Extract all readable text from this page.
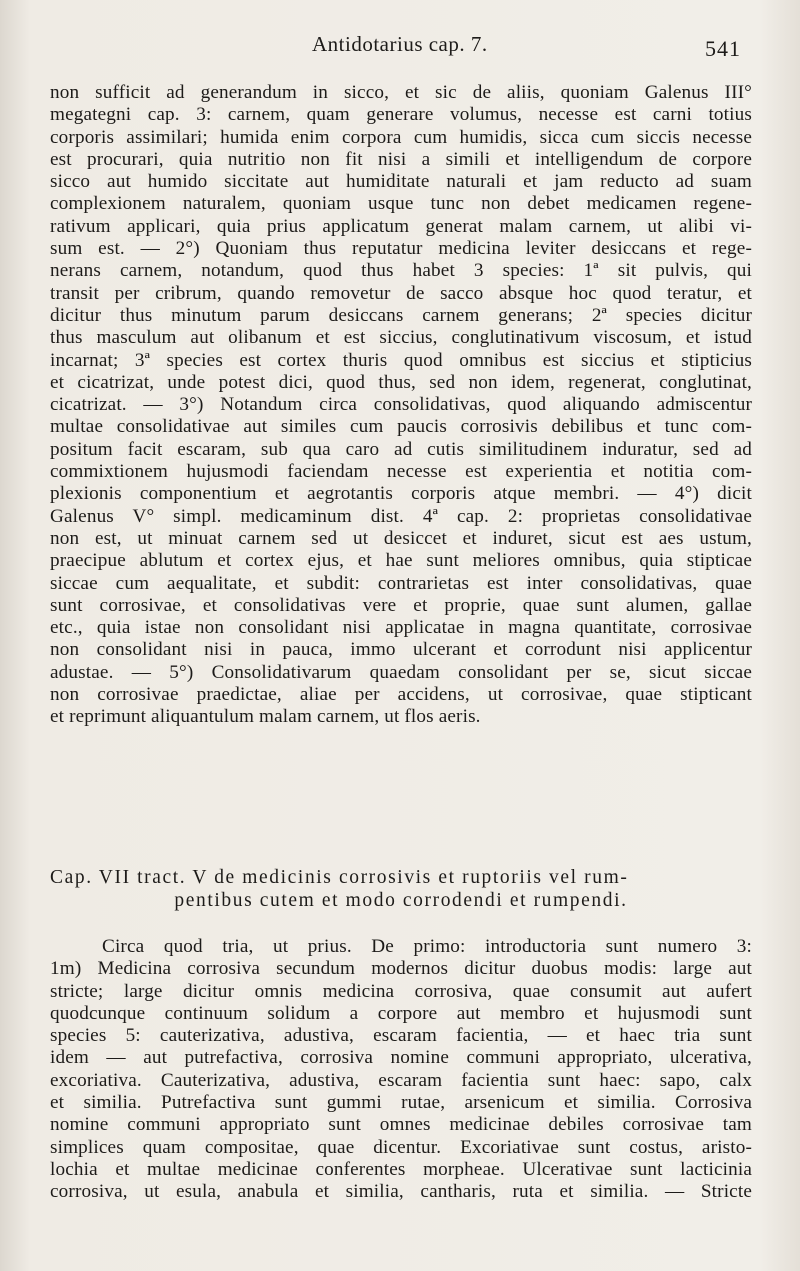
Antidotarius cap. 7.	541
non sufficit ad generandum in sicco, et sic de aliis, quoniam Galenus III°
megategni cap. 3: carnem, quam generare volumus, necesse est carni totius
corporis assimilari; humida enim corpora cum humidis, sicca cum siccis necesse
est procurari, quia nutritio non fit nisi a simili et intelligendum de corpore
sicco aut humido siccitate aut humiditate naturali et jam reducto ad suam
complexionem naturalem, quoniam usque tunc non debet medicamen regene-
rativum applicari, quia prius applicatum generat malam carnem, ut alibi vi-
sum est. — 2°) Quoniam thus reputatur medicina leviter desiccans et rege-
nerans carnem, notandum, quod thus habet 3 species: 1ª sit pulvis, qui
transit per cribrum, quando removetur de sacco absque hoc quod teratur, et
dicitur thus minutum parum desiccans carnem generans; 2ª species dicitur
thus masculum aut olibanum et est siccius, conglutinativum viscosum, et istud
incarnat; 3ª species est cortex thuris quod omnibus est siccius et stipticius
et cicatrizat, unde potest dici, quod thus, sed non idem, regenerat, conglutinat,
cicatrizat. — 3°) Notandum circa consolidativas, quod aliquando admiscentur
multae consolidativae aut similes cum paucis corrosivis debilibus et tunc com-
positum facit escaram, sub qua caro ad cutis similitudinem induratur, sed ad
commixtionem hujusmodi faciendam necesse est experientia et notitia com-
plexionis componentium et aegrotantis corporis atque membri. — 4°) dicit
Galenus V° simpl. medicaminum dist. 4ª cap. 2: proprietas consolidativae
non est, ut minuat carnem sed ut desiccet et induret, sicut est aes ustum,
praecipue ablutum et cortex ejus, et hae sunt meliores omnibus, quia stipticae
siccae cum aequalitate, et subdit: contrarietas est inter consolidativas, quae
sunt corrosivae, et consolidativas vere et proprie, quae sunt alumen, gallae
etc., quia istae non consolidant nisi applicatae in magna quantitate, corrosivae
non consolidant nisi in pauca, immo ulcerant et corrodunt nisi applicentur
adustae. — 5°) Consolidativarum quaedam consolidant per se, sicut siccae
non corrosivae praedictae, aliae per accidens, ut corrosivae, quae stipticant
et reprimunt aliquantulum malam carnem, ut flos aeris.
Cap. VII tract. V de medicinis corrosivis et ruptoriis vel rum-
pentibus cutem et modo corrodendi et rumpendi.
Circa quod tria, ut prius. De primo: introductoria sunt numero 3:
1m) Medicina corrosiva secundum modernos dicitur duobus modis: large aut
stricte; large dicitur omnis medicina corrosiva, quae consumit aut aufert
quodcunque continuum solidum a corpore aut membro et hujusmodi sunt
species 5: cauterizativa, adustiva, escaram facientia, — et haec tria sunt
idem — aut putrefactiva, corrosiva nomine communi appropriato, ulcerativa,
excoriativa. Cauterizativa, adustiva, escaram facientia sunt haec: sapo, calx
et similia. Putrefactiva sunt gummi rutae, arsenicum et similia. Corrosiva
nomine communi appropriato sunt omnes medicinae debiles corrosivae tam
simplices quam compositae, quae dicentur. Excoriativae sunt costus, aristo-
lochia et multae medicinae conferentes morpheae. Ulcerativae sunt lacticinia
corrosiva, ut esula, anabula et similia, cantharis, ruta et similia. — Stricte
